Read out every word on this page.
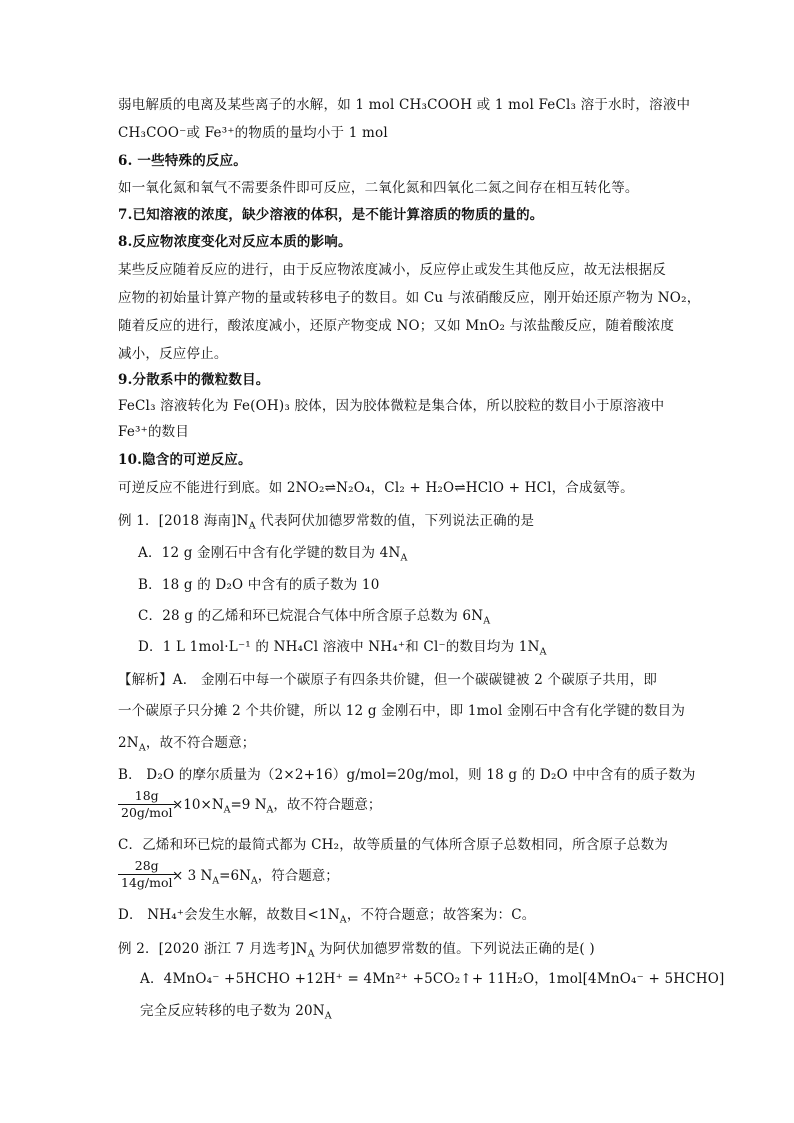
弱电解质的电离及某些离子的水解，如 1 mol CH₃COOH 或 1 mol FeCl₃ 溶于水时，溶液中
CH₃COO⁻或 Fe³⁺的物质的量均小于 1 mol
6. 一些特殊的反应。
如一氧化氮和氧气不需要条件即可反应，二氧化氮和四氧化二氮之间存在相互转化等。
7.已知溶液的浓度，缺少溶液的体积，是不能计算溶质的物质的量的。
8.反应物浓度变化对反应本质的影响。
某些反应随着反应的进行，由于反应物浓度减小，反应停止或发生其他反应，故无法根据反
应物的初始量计算产物的量或转移电子的数目。如 Cu 与浓硝酸反应，刚开始还原产物为 NO₂，
随着反应的进行，酸浓度减小，还原产物变成 NO；又如 MnO₂ 与浓盐酸反应，随着酸浓度
减小，反应停止。
9.分散系中的微粒数目。
FeCl₃ 溶液转化为 Fe(OH)₃ 胶体，因为胶体微粒是集合体，所以胶粒的数目小于原溶液中
Fe³⁺的数目
10.隐含的可逆反应。
可逆反应不能进行到底。如 2NO₂⇌N₂O₄，Cl₂ + H₂O⇌HClO + HCl，合成氨等。
例 1．[2018 海南]$N_A$ 代表阿伏加德罗常数的值，下列说法正确的是
A．12 g 金刚石中含有化学键的数目为 $4N_A$
B．18 g 的 D₂O 中含有的质子数为 10
C．28 g 的乙烯和环已烷混合气体中所含原子总数为 $6N_A$
D．1 L 1mol·L⁻¹ 的 NH₄Cl 溶液中 NH₄⁺和 Cl⁻的数目均为 $1N_A$
【解析】A． 金刚石中每一个碳原子有四条共价键，但一个碳碳键被 2 个碳原子共用，即
一个碳原子只分摊 2 个共价键，所以 12 g 金刚石中，即 1mol 金刚石中含有化学键的数目为
$2N_A$，故不符合题意；
B． D₂O 的摩尔质量为（2×2+16）g/mol=20g/mol，则 18 g 的 D₂O 中中含有的质子数为
18g
$20g/mol \times 10\times N_A=9$ $N_A$，故不符合题意；
C．乙烯和环已烷的最简式都为 CH₂，故等质量的气体所含原子总数相同，所含原子总数为
28g
14g/mol × 3 $N_A=6N_A$，符合题意；
D． NH₄⁺会发生水解，故数目$<1N_A$，不符合题意；故答案为：C。
例 2．[2020 浙江 7 月选考]$N_A$ 为阿伏加德罗常数的值。下列说法正确的是( )
A．4MnO₄⁻ +5HCHO +12H⁺ = 4Mn²⁺ +5CO₂↑+ 11H₂O，1mol[4MnO₄⁻ + 5HCHO]
完全反应转移的电子数为 $20N_A$
